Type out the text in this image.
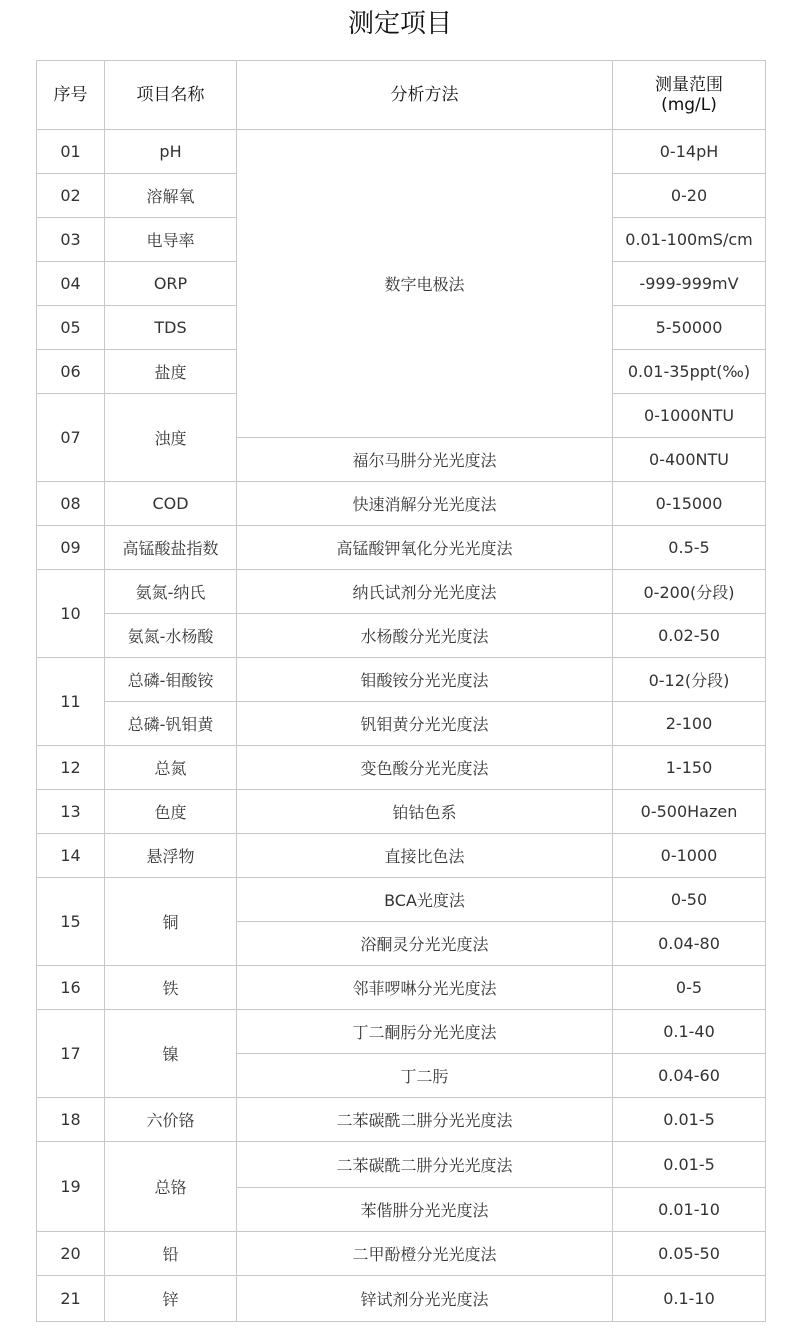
测定项目
序号	项目名称	分析方法	测量范围
(mg/L)
01	pH	数字电极法	0-14pH
02	溶解氧		0-20
03	电导率		0.01-100mS/cm
04	ORP		-999-999mV
05	TDS		5-50000
06	盐度		0.01-35ppt(‰)
07	浊度		0-1000NTU
		福尔马肼分光光度法	0-400NTU
08	COD	快速消解分光光度法	0-15000
09	高锰酸盐指数	高锰酸钾氧化分光光度法	0.5-5
10	氨氮-纳氏	纳氏试剂分光光度法	0-200(分段)
	氨氮-水杨酸	水杨酸分光光度法	0.02-50
11	总磷-钼酸铵	钼酸铵分光光度法	0-12(分段)
	总磷-钒钼黄	钒钼黄分光光度法	2-100
12	总氮	变色酸分光光度法	1-150
13	色度	铂钴色系	0-500Hazen
14	悬浮物	直接比色法	0-1000
15	铜	BCA光度法	0-50
		浴酮灵分光光度法	0.04-80
16	铁	邻菲啰啉分光光度法	0-5
17	镍	丁二酮肟分光光度法	0.1-40
		丁二肟	0.04-60
18	六价铬	二苯碳酰二肼分光光度法	0.01-5
19	总铬	二苯碳酰二肼分光光度法	0.01-5
		苯偕肼分光光度法	0.01-10
20	铅	二甲酚橙分光光度法	0.05-50
21	锌	锌试剂分光光度法	0.1-10
